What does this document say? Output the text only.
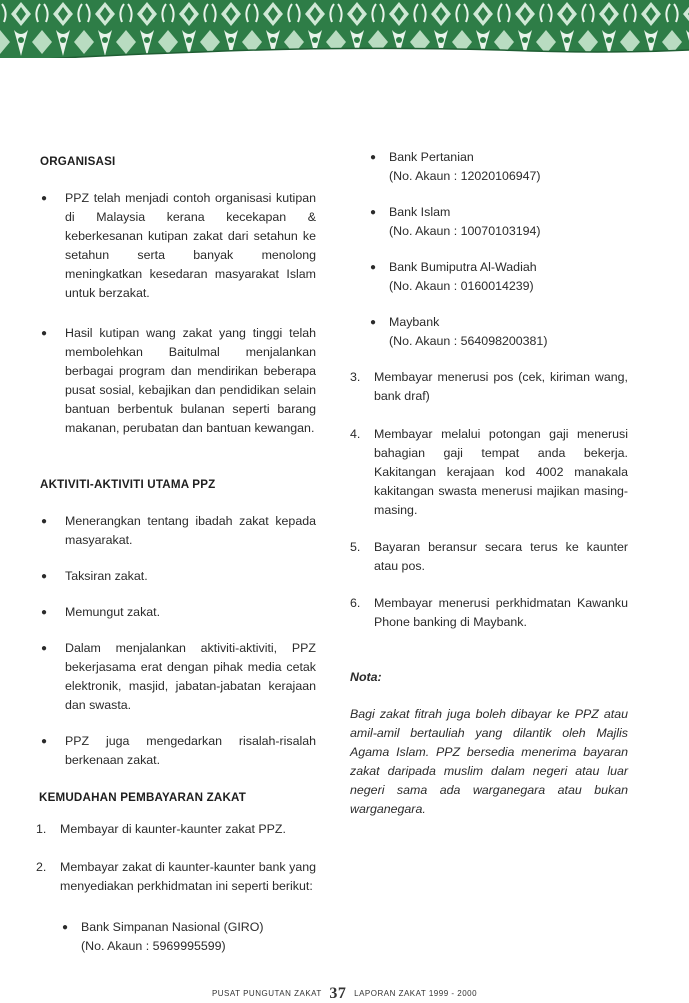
ORGANISASI
●	PPZ telah menjadi contoh organisasi kutipan di Malaysia kerana kecekapan & keberkesanan kutipan zakat dari setahun ke setahun serta banyak menolong meningkatkan kesedaran masyarakat Islam untuk berzakat.
●	Hasil kutipan wang zakat yang tinggi telah membolehkan Baitulmal menjalankan berbagai program dan mendirikan beberapa pusat sosial, kebajikan dan pendidikan selain bantuan berbentuk bulanan seperti barang makanan, perubatan dan bantuan kewangan.
AKTIVITI-AKTIVITI UTAMA PPZ
●	Menerangkan tentang ibadah zakat kepada masyarakat.
●	Taksiran zakat.
●	Memungut zakat.
●	Dalam menjalankan aktiviti-aktiviti, PPZ bekerjasama erat dengan pihak media cetak elektronik, masjid, jabatan-jabatan kerajaan dan swasta.
●	PPZ juga mengedarkan risalah-risalah berkenaan zakat.
KEMUDAHAN PEMBAYARAN ZAKAT
1.	Membayar di kaunter-kaunter zakat PPZ.
2.	Membayar zakat di kaunter-kaunter bank yang menyediakan perkhidmatan ini seperti berikut:
●	Bank Simpanan Nasional (GIRO)
(No. Akaun : 5969995599)
●	Bank Pertanian
(No. Akaun : 12020106947)
●	Bank Islam
(No. Akaun : 10070103194)
●	Bank Bumiputra Al-Wadiah
(No. Akaun : 0160014239)
●	Maybank
(No. Akaun : 564098200381)
3.	Membayar menerusi pos (cek, kiriman wang, bank draf)
4.	Membayar melalui potongan gaji menerusi bahagian gaji tempat anda bekerja. Kakitangan kerajaan kod 4002 manakala kakitangan swasta menerusi majikan masing-masing.
5.	Bayaran beransur secara terus ke kaunter atau pos.
6.	Membayar menerusi perkhidmatan Kawanku Phone banking di Maybank.

Nota:

Bagi zakat fitrah juga boleh dibayar ke PPZ atau amil-amil bertauliah yang dilantik oleh Majlis Agama Islam. PPZ bersedia menerima bayaran zakat daripada muslim dalam negeri atau luar negeri sama ada warganegara atau bukan warganegara.

PUSAT PUNGUTAN ZAKAT 37 LAPORAN ZAKAT 1999 - 2000
